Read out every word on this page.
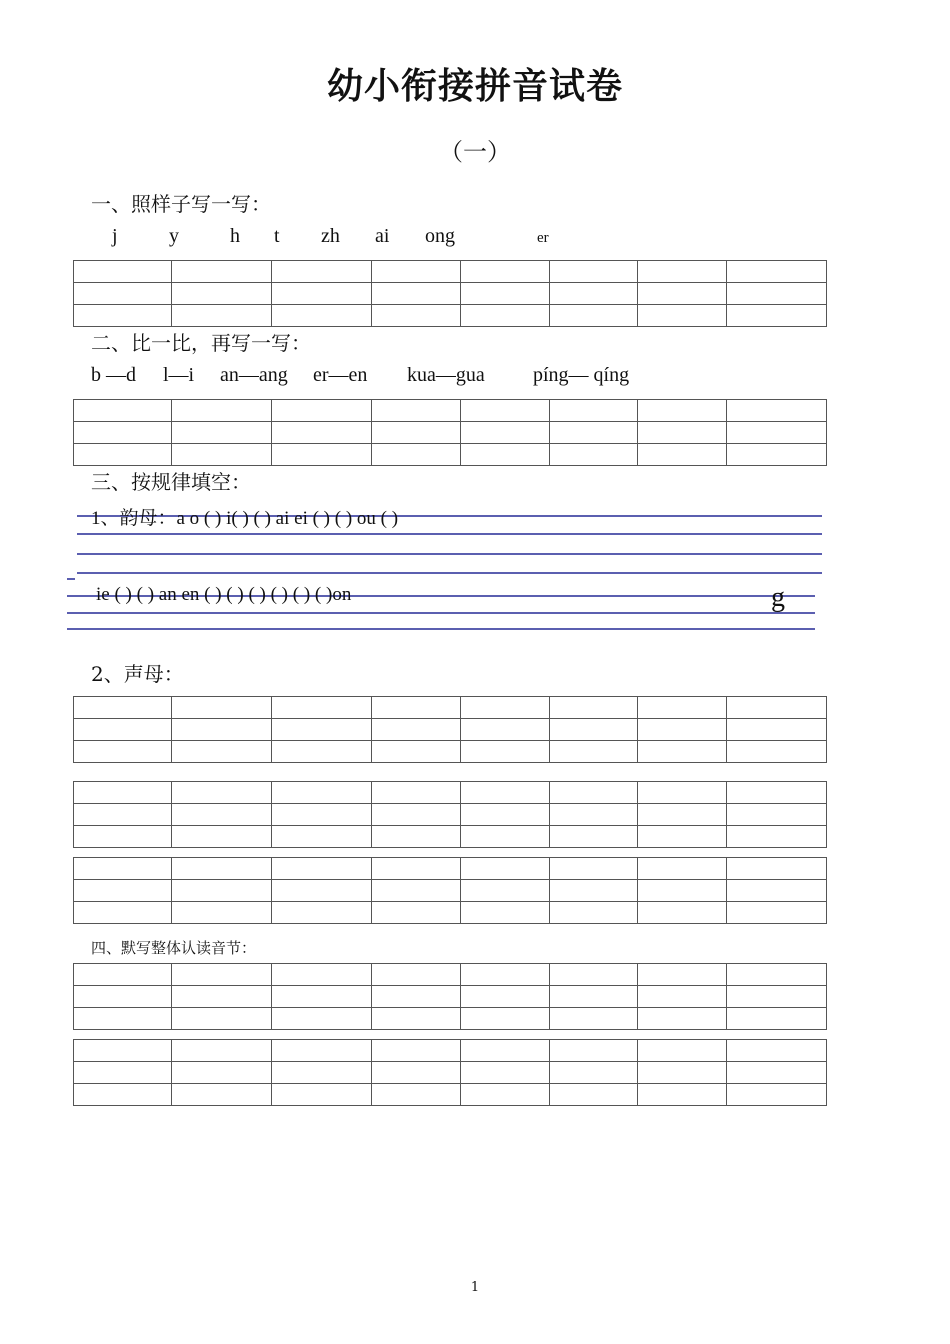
幼小衔接拼音试卷
（一）
一、照样子写一写：
j	y	h t zh ai ong	er

二、比一比，再写一写：
b —d l—i an—ang er—en kua—gua píng— qíng

三、按规律填空：
1、韵母：a o ( ) i( ) ( ) ai ei ( ) ( ) ou ( )
ie ( ) ( ) an en ( ) ( ) ( ) ( ) ( ) ( )on	g
2、声母：

四、默写整体认读音节：

1
